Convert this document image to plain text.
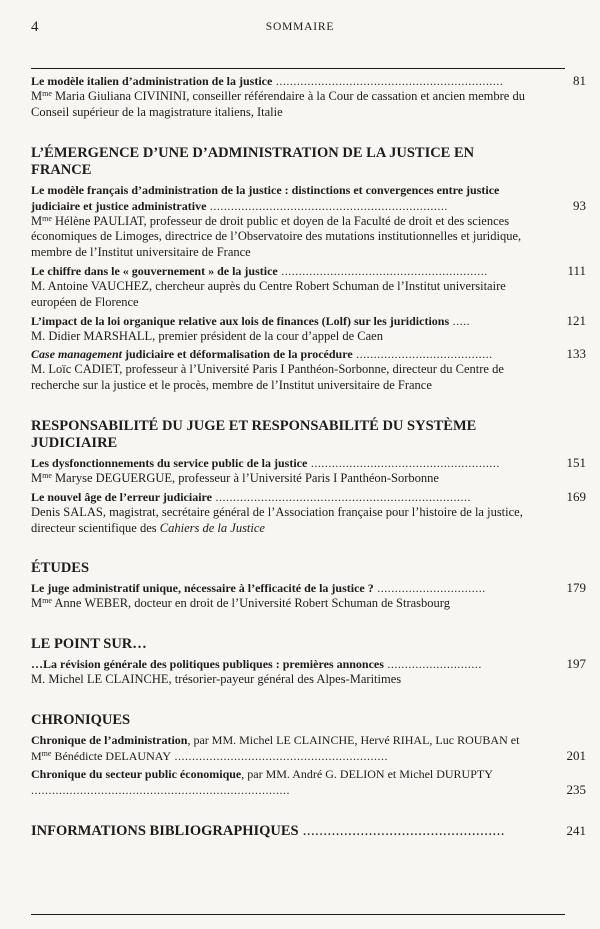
4	SOMMAIRE
Le modèle italien d’administration de la justice .................................................................	81
$M^{me}$ Maria Giuliana CIVININI, conseiller référendaire à la Cour de cassation et ancien membre du Conseil supérieur de la magistrature italiens, Italie
L’ÉMERGENCE D’UNE D’ADMINISTRATION DE LA JUSTICE EN FRANCE
Le modèle français d’administration de la justice : distinctions et convergences entre justice judiciaire et justice administrative ....................................................................	93
$M^{me}$ Hélène PAULIAT, professeur de droit public et doyen de la Faculté de droit et des sciences économiques de Limoges, directrice de l’Observatoire des mutations institutionnelles et juridique, membre de l’Institut universitaire de France
Le chiffre dans le « gouvernement » de la justice ...........................................................	111
M. Antoine VAUCHEZ, chercheur auprès du Centre Robert Schuman de l’Institut universitaire européen de Florence
L’impact de la loi organique relative aux lois de finances (Lolf) sur les juridictions .....	121
M. Didier MARSHALL, premier président de la cour d’appel de Caen
Case management judiciaire et déformalisation de la procédure .......................................	133
M. Loïc CADIET, professeur à l’Université Paris I Panthéon-Sorbonne, directeur du Centre de recherche sur la justice et le procès, membre de l’Institut universitaire de France
RESPONSABILITÉ DU JUGE ET RESPONSABILITÉ DU SYSTÈME JUDICIAIRE
Les dysfonctionnements du service public de la justice ......................................................	151
$M^{me}$ Maryse DEGUERGUE, professeur à l’Université Paris I Panthéon-Sorbonne
Le nouvel âge de l’erreur judiciaire .........................................................................	169
Denis SALAS, magistrat, secrétaire général de l’Association française pour l’histoire de la justice, directeur scientifique des Cahiers de la Justice
ÉTUDES
Le juge administratif unique, nécessaire à l’efficacité de la justice ? ...............................	179
$M^{me}$ Anne WEBER, docteur en droit de l’Université Robert Schuman de Strasbourg
LE POINT SUR…
…La révision générale des politiques publiques : premières annonces ...........................	197
M. Michel LE CLAINCHE, trésorier-payeur général des Alpes-Maritimes
CHRONIQUES
Chronique de l’administration, par MM. Michel LE CLAINCHE, Hervé RIHAL, Luc ROUBAN et $M^{me}$ Bénédicte DELAUNAY .............................................................	201
Chronique du secteur public économique, par MM. André G. DELION et Michel DURUPTY ..........................................................................	235
INFORMATIONS BIBLIOGRAPHIQUES .................................................	241
